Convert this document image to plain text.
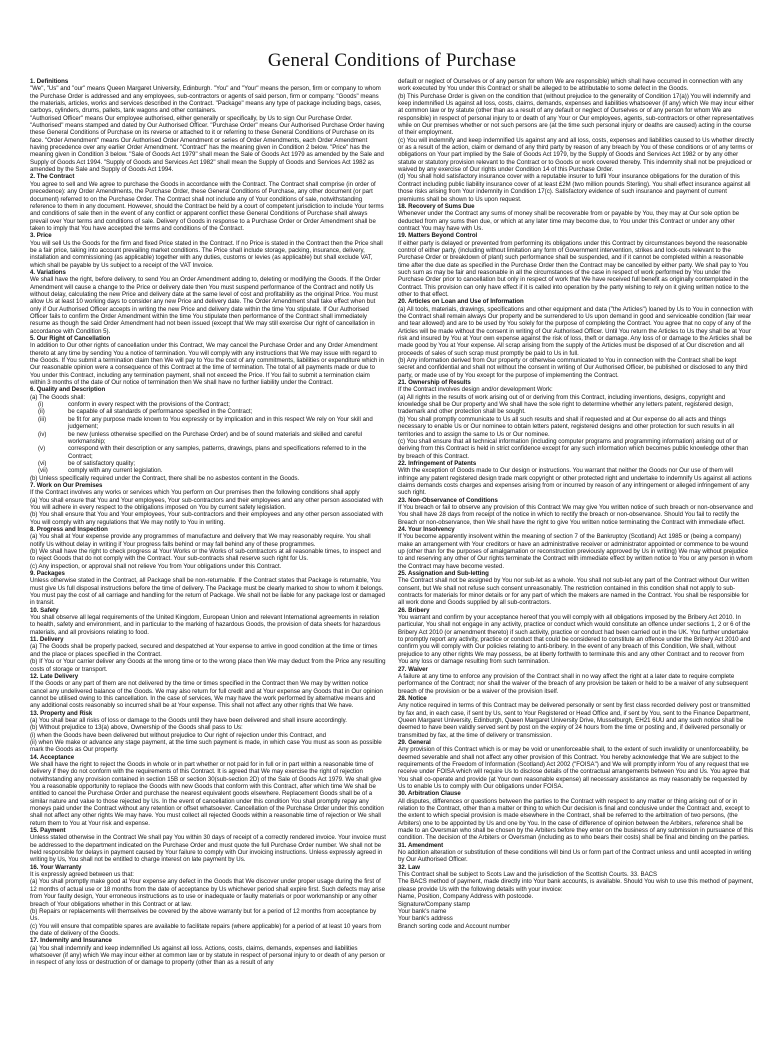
General Conditions of Purchase
1. Definitions

"We", "Us" and "our" means Queen Margaret University, Edinburgh. "You" and "Your" means the person, firm or company to whom the Purchase Order is addressed and any employees, sub-contractors or agents of said person, firm or company. "Goods" means the materials, articles, works and services described in the Contract. "Package" means any type of package including bags, cases, carboys, cylinders, drums, pallets, tank wagons and other containers.

"Authorised Officer" means Our employee authorised, either generally or specifically, by Us to sign Our Purchase Order. "Authorised" means stamped and dated by Our Authorised Officer. "Purchase Order" means Our Authorised Purchase Order having these General Conditions of Purchase on its reverse or attached to it or referring to these General Conditions of Purchase on its face. "Order Amendment" means Our Authorised Order Amendment or series of Order Amendments, each Order Amendment having precedence over any earlier Order Amendment. "Contract" has the meaning given in Condition 2 below. "Price" has the meaning given in Condition 3 below. "Sale of Goods Act 1979" shall mean the Sale of Goods Act 1979 as amended by the Sale and Supply of Goods Act 1994. "Supply of Goods and Services Act 1982" shall mean the Supply of Goods and Services Act 1982 as amended by the Sale and Supply of Goods Act 1994.

2. The Contract

You agree to sell and We agree to purchase the Goods in accordance with the Contract. The Contract shall comprise (in order of precedence): any Order Amendments, the Purchase Order, these General Conditions of Purchase, any other document (or part document) referred to on the Purchase Order. The Contract shall not include any of Your conditions of sale, notwithstanding reference to them in any document. However, should the Contract be held by a court of competent jurisdiction to include Your terms and conditions of sale then in the event of any conflict or apparent conflict these General Conditions of Purchase shall always prevail over Your terms and conditions of sale. Delivery of Goods in response to a Purchase Order or Order Amendment shall be taken to imply that You have accepted the terms and conditions of the Contract.

3. Price

You will sell Us the Goods for the firm and fixed Price stated in the Contract. If no Price is stated in the Contract then the Price shall be a fair price, taking into account prevailing market conditions. The Price shall include storage, packing, insurance, delivery, installation and commissioning (as applicable) together with any duties, customs or levies (as applicable) but shall exclude VAT, which shall be payable by Us subject to a receipt of the VAT Invoice.

4. Variations

We shall have the right, before delivery, to send You an Order Amendment adding to, deleting or modifying the Goods. If the Order Amendment will cause a change to the Price or delivery date then You must suspend performance of the Contract and notify Us without delay, calculating the new Price and delivery date at the same level of cost and profitability as the original Price. You must allow Us at least 10 working days to consider any new Price and delivery date. The Order Amendment shall take effect when but only if Our Authorised Officer accepts in writing the new Price and delivery date within the time You stipulate. If Our Authorised Officer fails to confirm the Order Amendment within the time You stipulate then performance of the Contract shall immediately resume as though the said Order Amendment had not been issued (except that We may still exercise Our right of cancellation in accordance with Condition 5).

5. Our Right of Cancellation

In addition to Our other rights of cancellation under this Contract, We may cancel the Purchase Order and any Order Amendment thereto at any time by sending You a notice of termination. You will comply with any instructions that We may issue with regard to the Goods. If You submit a termination claim then We will pay to You the cost of any commitments, liabilities or expenditure which in Our reasonable opinion were a consequence of this Contract at the time of termination. The total of all payments made or due to You under this Contract, including any termination payment, shall not exceed the Price. If You fail to submit a termination claim within 3 months of the date of Our notice of termination then We shall have no further liability under the Contract.

6. Quality and Description

(a) The Goods shall:

(i)	conform in every respect with the provisions of the Contract;
(ii)	be capable of all standards of performance specified in the Contract;
(iii)	be fit for any purpose made known to You expressly or by implication and in this respect We rely on Your skill and judgement;
(iv)	be new (unless otherwise specified on the Purchase Order) and be of sound materials and skilled and careful workmanship;
(v)	correspond with their description or any samples, patterns, drawings, plans and specifications referred to in the Contract;
(vi)	be of satisfactory quality;
(vii)	comply with any current legislation.

(b) Unless specifically required under the Contract, there shall be no asbestos content in the Goods.

7. Work on Our Premises

If the Contract involves any works or services which You perform on Our premises then the following conditions shall apply

(a) You shall ensure that You and Your employees, Your sub-contractors and their employees and any other person associated with You will adhere in every respect to the obligations imposed on You by current safety legislation.

(b) You shall ensure that You and Your employees, Your sub-contractors and their employees and any other person associated with You will comply with any regulations that We may notify to You in writing.

8. Progress and Inspection

(a) You shall at Your expense provide any programmes of manufacture and delivery that We may reasonably require. You shall notify Us without delay in writing if Your progress falls behind or may fall behind any of these programmes.

(b) We shall have the right to check progress at Your Works or the Works of sub-contractors at all reasonable times, to inspect and to reject Goods that do not comply with the Contract. Your sub-contracts shall reserve such right for Us.

(c) Any inspection, or approval shall not relieve You from Your obligations under this Contract.

9. Packages

Unless otherwise stated in the Contract, all Package shall be non-returnable. If the Contract states that Package is returnable, You must give Us full disposal instructions before the time of delivery. The Package must be clearly marked to show to whom it belongs. You must pay the cost of all carriage and handling for the return of Package. We shall not be liable for any package lost or damaged in transit.

10. Safety

You shall observe all legal requirements of the United Kingdom, European Union and relevant International agreements in relation to health, safety and environment, and in particular to the marking of hazardous Goods, the provision of data sheets for hazardous materials, and all provisions relating to food.

11. Delivery

(a) The Goods shall be properly packed, secured and despatched at Your expense to arrive in good condition at the time or times and the place or places specified in the Contract.

(b) If You or Your carrier deliver any Goods at the wrong time or to the wrong place then We may deduct from the Price any resulting costs of storage or transport.

12. Late Delivery

If the Goods or any part of them are not delivered by the time or times specified in the Contract then We may by written notice cancel any undelivered balance of the Goods. We may also return for full credit and at Your expense any Goods that in Our opinion cannot be utilised owing to this cancellation. In the case of services, We may have the work performed by alternative means and any additional costs reasonably so incurred shall be at Your expense. This shall not affect any other rights that We have.

13. Property and Risk

(a) You shall bear all risks of loss or damage to the Goods until they have been delivered and shall insure accordingly.

(b) Without prejudice to 13(a) above, Ownership of the Goods shall pass to Us:

(i) when the Goods have been delivered but without prejudice to Our right of rejection under this Contract, and

(ii) when We make or advance any stage payment, at the time such payment is made, in which case You must as soon as possible mark the Goods as Our property.

14. Acceptance

We shall have the right to reject the Goods in whole or in part whether or not paid for in full or in part within a reasonable time of delivery if they do not conform with the requirements of this Contract. It is agreed that We may exercise the right of rejection notwithstanding any provision contained in section 15B or section 30(sub-section 2D) of the Sale of Goods Act 1979. We shall give You a reasonable opportunity to replace the Goods with new Goods that conform with this Contract, after which time We shall be entitled to cancel the Purchase Order and purchase the nearest equivalent goods elsewhere. Replacement Goods shall be of a similar nature and value to those rejected by Us. In the event of cancellation under this condition You shall promptly repay any moneys paid under the Contract without any retention or offset whatsoever. Cancellation of the Purchase Order under this condition shall not affect any other rights We may have. You must collect all rejected Goods within a reasonable time of rejection or We shall return them to You at Your risk and expense.

15. Payment

Unless stated otherwise in the Contract We shall pay You within 30 days of receipt of a correctly rendered invoice. Your invoice must be addressed to the department indicated on the Purchase Order and must quote the full Purchase Order number. We shall not be held responsible for delays in payment caused by Your failure to comply with Our invoicing instructions. Unless expressly agreed in writing by Us, You shall not be entitled to charge interest on late payment by Us.

16. Your Warranty

It is expressly agreed between us that:

(a) You shall promptly make good at Your expense any defect in the Goods that We discover under proper usage during the first of 12 months of actual use or 18 months from the date of acceptance by Us whichever period shall expire first. Such defects may arise from Your faulty design, Your erroneous instructions as to use or inadequate or faulty materials or poor workmanship or any other breach of Your obligations whether in this Contract or at law.

(b) Repairs or replacements will themselves be covered by the above warranty but for a period of 12 months from acceptance by Us.

(c) You will ensure that compatible spares are available to facilitate repairs (where applicable) for a period of at least 10 years from the date of delivery of the Goods.

17. Indemnity and Insurance

(a) You shall indemnify and keep indemnified Us against all loss. Actions, costs, claims, demands, expenses and liabilities whatsoever (if any) which We may incur either at common law or by statute in respect of personal injury to or death of any person or in respect of any loss or destruction of or damage to property (other than as a result of any

default or neglect of Ourselves or of any person for whom We are responsible) which shall have occurred in connection with any work executed by You under this Contract or shall be alleged to be attributable to some defect in the Goods.

(b) This Purchase Order is given on the condition that (without prejudice to the generality of Condition 17(a)) You will indemnify and keep indemnified Us against all loss, costs, claims, demands, expenses and liabilities whatsoever (if any) which We may incur either at common law or by statute (other than as a result of any default or neglect of Ourselves or of any person for whom We are responsible) in respect of personal injury to or death of any Your or Our employees, agents, sub-contractors or other representatives while on Our premises whether or not such persons are (at the time such personal injury or deaths are caused) acting in the course of their employment.

(c) You will indemnify and keep indemnified Us against any and all loss, costs, expenses and liabilities caused to Us whether directly or as a result of the action, claim or demand of any third party by reason of any breach by You of these conditions or of any terms or obligations on Your part implied by the Sale of Goods Act 1979, by the Supply of Goods and Services Act 1982 or by any other statute or statutory provision relevant to the Contract or to Goods or work covered thereby. This indemnity shall not be prejudiced or waived by any exercise of Our rights under Condition 14 of this Purchase Order.

(d) You shall hold satisfactory insurance cover with a reputable insurer to fulfil Your insurance obligations for the duration of this Contract including public liability insurance cover of at least £2M (two million pounds Sterling). You shall effect insurance against all those risks arising from Your indemnity in Condition 17(c). Satisfactory evidence of such insurance and payment of current premiums shall be shown to Us upon request.

18. Recovery of Sums Due

Whenever under the Contract any sums of money shall be recoverable from or payable by You, they may at Our sole option be deducted from any sums then due, or which at any later time may become due, to You under this Contract or under any other contract You may have with Us.

19. Matters Beyond Control

If either party is delayed or prevented from performing its obligations under this Contract by circumstances beyond the reasonable control of either party, (including without limitation any form of Government intervention, strikes and lock-outs relevant to the Purchase Order or breakdown of plant) such performance shall be suspended, and if it cannot be completed within a reasonable time after the due date as specified in the Purchase Order then the Contract may be cancelled by either party. We shall pay to You such sum as may be fair and reasonable in all the circumstances of the case in respect of work performed by You under the Purchase Order prior to cancellation but only in respect of work that We have received full benefit as originally contemplated in the Contract. This provision can only have effect if it is called into operation by the party wishing to rely on it giving written notice to the other to that effect.

20. Articles on Loan and Use of Information

(a) All tools, materials, drawings, specifications and other equipment and data ("the Articles") loaned by Us to You in connection with the Contract shall remain always Our property and be surrendered to Us upon demand in good and serviceable condition (fair wear and tear allowed) and are to be used by You solely for the purpose of completing the Contract. You agree that no copy of any of the Articles will be made without the consent in writing of Our Authorised Officer. Until You return the Articles to Us they shall be at Your risk and insured by You at Your own expense against the risk of loss, theft or damage. Any loss of or damage to the Articles shall be made good by You at Your expense. All scrap arising from the supply of the Articles must be disposed of at Our discretion and all proceeds of sales of such scrap must promptly be paid to Us in full.

(b) Any information derived from Our property or otherwise communicated to You in connection with the Contract shall be kept secret and confidential and shall not without the consent in writing of Our Authorised Officer, be published or disclosed to any third party, or made use of by You except for the purpose of implementing the Contract.

21. Ownership of Results

If the Contract involves design and/or development Work:

(a) All rights in the results of work arising out of or deriving from this Contract, including inventions, designs, copyright and knowledge shall be Our property and We shall have the sole right to determine whether any letters patent, registered design, trademark and other protection shall be sought.

(b) You shall promptly communicate to Us all such results and shall if requested and at Our expense do all acts and things necessary to enable Us or Our nominee to obtain letters patent, registered designs and other protection for such results in all territories and to assign the same to Us or Our nominee.

(c) You shall ensure that all technical information (including computer programs and programming information) arising out of or deriving from this Contract is held in strict confidence except for any such information which becomes public knowledge other than by breach of this Contract.

22. Infringement of Patents

With the exception of Goods made to Our design or instructions. You warrant that neither the Goods nor Our use of them will infringe any patent registered design trade mark copyright or other protected right and undertake to indemnify Us against all actions claims demands costs charges and expenses arising from or incurred by reason of any infringement or alleged infringement of any such right.

23. Non-Observance of Conditions

If You breach or fail to observe any provision of this Contract We may give You written notice of such breach or non-observance and You shall have 28 days from receipt of the notice in which to rectify the breach or non-observance. Should You fail to rectify the Breach or non-observance, then We shall have the right to give You written notice terminating the Contract with immediate effect.

24. Your Insolvency

If You become apparently insolvent within the meaning of section 7 of the Bankruptcy (Scotland) Act 1985 or (being a company) make an arrangement with Your creditors or have an administrative receiver or administrator appointed or commence to be wound up (other than for the purposes of amalgamation or reconstruction previously approved by Us in writing) We may without prejudice to and reserving any other of Our rights terminate the Contract with immediate effect by written notice to You or any person in whom the Contract may have become vested.

25. Assignation and Sub-letting

The Contract shall not be assigned by You nor sub-let as a whole. You shall not sub-let any part of the Contract without Our written consent, but We shall not refuse such consent unreasonably. The restriction contained in this condition shall not apply to sub-contracts for materials for minor details or for any part of which the makers are named in the Contract. You shall be responsible for all work done and Goods supplied by all sub-contractors.

26. Bribery

You warrant and confirm by your acceptance hereof that you will comply with all obligations imposed by the Bribery Act 2010. In particular, You shall not engage in any activity, practice or conduct which would constitute an offence under sections 1, 2 or 6 of the Bribery Act 2010 (or amendment thereto) if such activity, practice or conduct had been carried out in the UK. You further undertake to promptly report any activity, practice or conduct that could be considered to constitute an offence under the Bribery Act 2010 and confirm you will comply with Our policies relating to anti-bribery. In the event of any breach of this Condition, We shall, without prejudice to any other rights We may possess, be at liberty forthwith to terminate this and any other Contract and to recover from You any loss or damage resulting from such termination.

27. Waiver

A failure at any time to enforce any provision of the Contract shall in no way affect the right at a later date to require complete performance of the Contract; nor shall the waiver of the breach of any provision be taken or held to be a waiver of any subsequent breach of the provision or be a waiver of the provision itself.

28. Notice

Any notice required in terms of this Contract may be delivered personally or sent by first class recorded delivery post or transmitted by fax and, in each case, if sent by Us, sent to Your Registered or Head Office and, if sent by You, sent to the Finance Department, Queen Margaret University, Edinburgh, Queen Margaret University Drive, Musselburgh, EH21 6UU and any such notice shall be deemed to have been validly served sent by post on the expiry of 24 hours from the time or posting and, if delivered personally or transmitted by fax, at the time of delivery or transmission.

29. General

Any provision of this Contract which is or may be void or unenforceable shall, to the extent of such invalidity or unenforceability, be deemed severable and shall not affect any other provision of this Contract. You hereby acknowledge that We are subject to the requirements of the Freedom of Information (Scotland) Act 2002 ("FOISA") and We will promptly inform You of any request that we receive under FOISA which will require Us to disclose details of the contractual arrangements between You and Us. You agree that You shall co-operate and provide (at Your own reasonable expense) all necessary assistance as may reasonably be requested by Us to enable Us to comply with Our obligations under FOISA.

30. Arbitration Clause

All disputes, differences or questions between the parties to the Contract with respect to any matter or thing arising out of or in relation to the Contract, other than a matter or thing to which Our decision is final and conclusive under the Contract and, except to the extent to which special provision is made elsewhere in the Contract, shall be referred to the arbitration of two persons, (the Arbiters) one to be appointed by Us and one by You. In the case of difference of opinion between the Arbiters, reference shall be made to an Oversman who shall be chosen by the Arbiters before they enter on the business of any submission in pursuance of this condition. The decision of the Arbiters or Oversman (including as to who bears their costs) shall be final and binding on the parties.

31. Amendment

No addition alteration or substitution of these conditions will bind Us or form part of the Contract unless and until accepted in writing by Our Authorised Officer.

32. Law

This Contract shall be subject to Scots Law and the jurisdiction of the Scottish Courts. 33. BACS

The BACS method of payment, made directly into Your bank accounts, is available. Should You wish to use this method of payment, please provide Us with the following details with your invoice:

Name, Position, Company Address with postcode.

Signature/Company stamp

Your bank's name

Your bank's address

Branch sorting code and Account number
